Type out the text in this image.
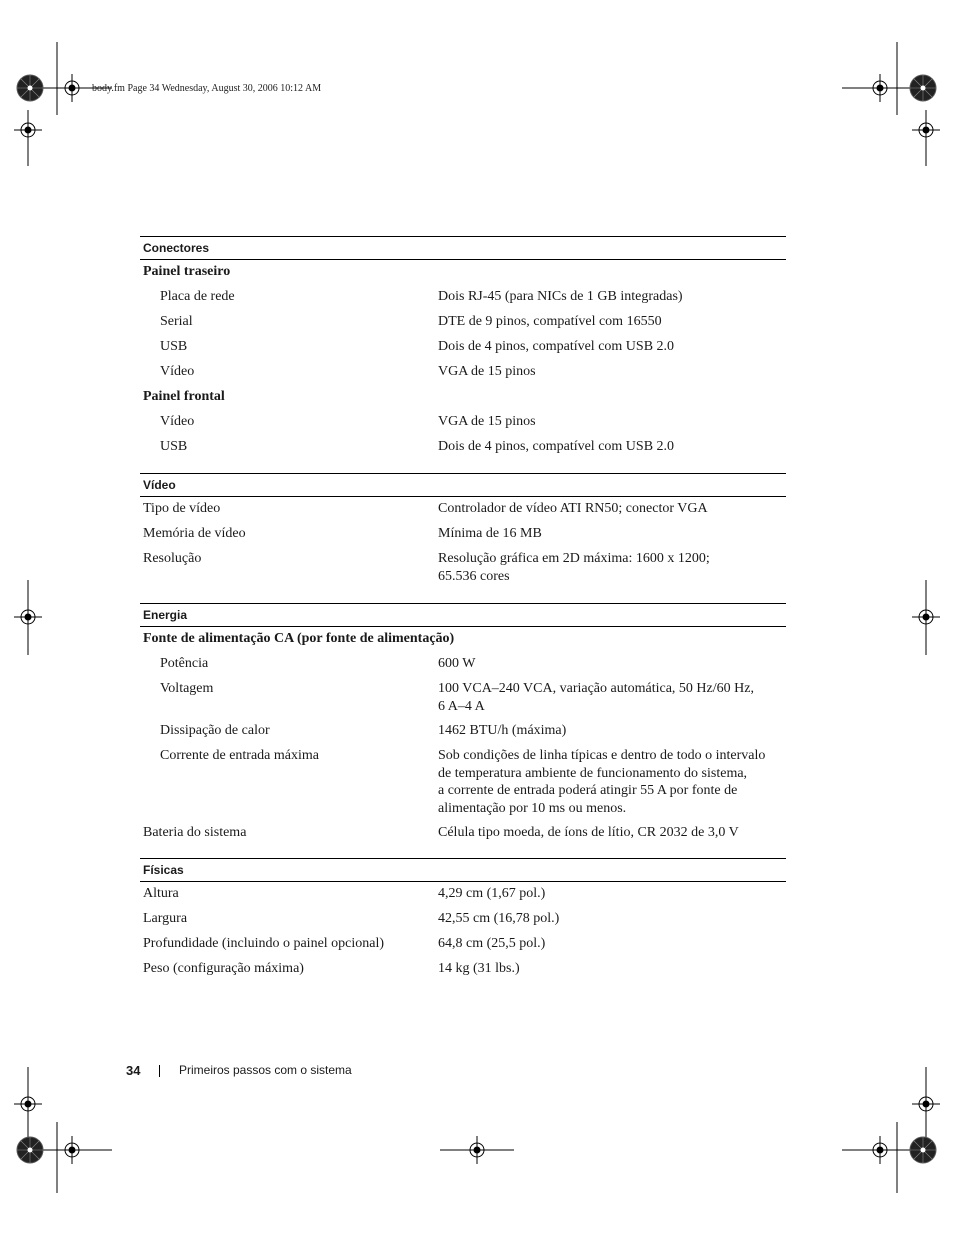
body.fm Page 34 Wednesday, August 30, 2006 10:12 AM
Conectores
Painel traseiro
Placa de rede	Dois RJ-45 (para NICs de 1 GB integradas)
Serial	DTE de 9 pinos, compatível com 16550
USB	Dois de 4 pinos, compatível com USB 2.0
Vídeo	VGA de 15 pinos
Painel frontal
Vídeo	VGA de 15 pinos
USB	Dois de 4 pinos, compatível com USB 2.0
Vídeo
Tipo de vídeo	Controlador de vídeo ATI RN50; conector VGA
Memória de vídeo	Mínima de 16 MB
Resolução	Resolução gráfica em 2D máxima: 1600 x 1200;
65.536 cores
Energia
Fonte de alimentação CA (por fonte de alimentação)
Potência	600 W
Voltagem	100 VCA–240 VCA, variação automática, 50 Hz/60 Hz,
6 A–4 A
Dissipação de calor	1462 BTU/h (máxima)
Corrente de entrada máxima	Sob condições de linha típicas e dentro de todo o intervalo
de temperatura ambiente de funcionamento do sistema,
a corrente de entrada poderá atingir 55 A por fonte de
alimentação por 10 ms ou menos.
Bateria do sistema	Célula tipo moeda, de íons de lítio, CR 2032 de 3,0 V
Físicas
Altura	4,29 cm (1,67 pol.)
Largura	42,55 cm (16,78 pol.)
Profundidade (incluindo o painel opcional)	64,8 cm (25,5 pol.)
Peso (configuração máxima)	14 kg (31 lbs.)
34	Primeiros passos com o sistema
